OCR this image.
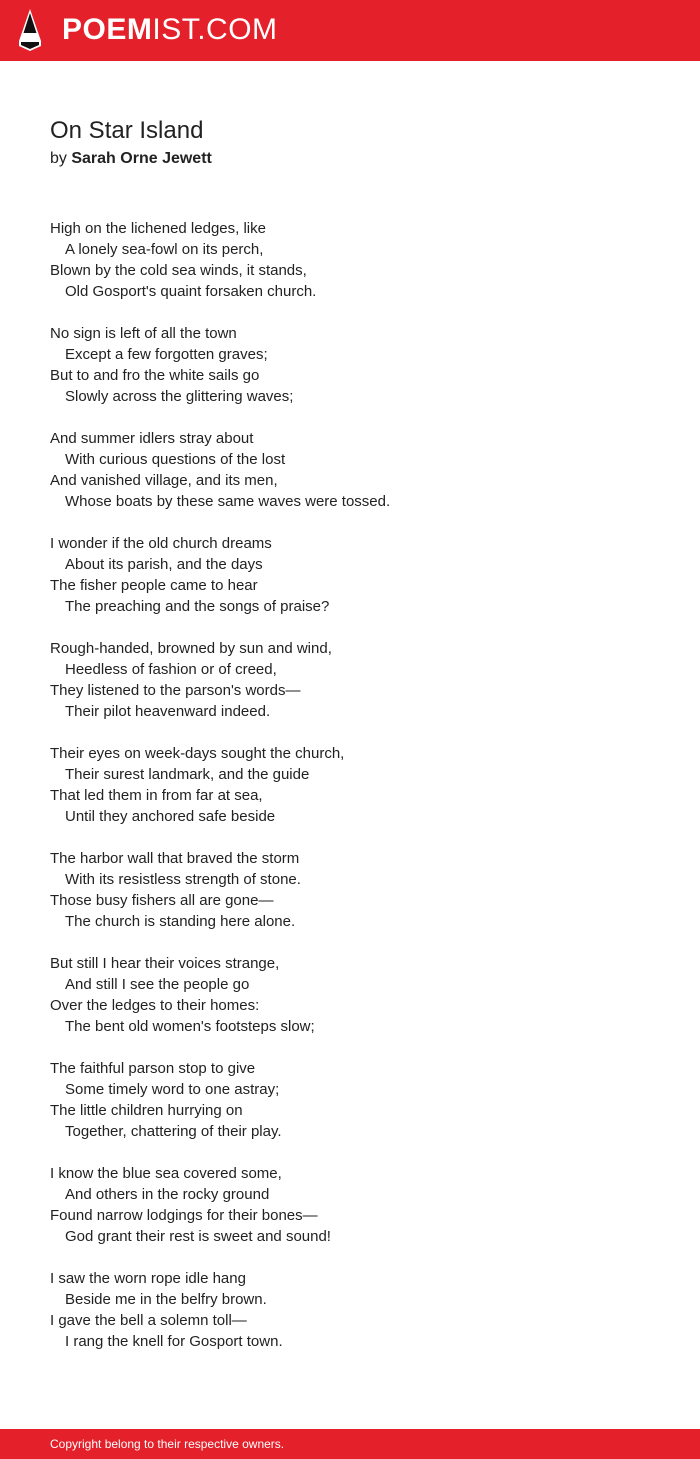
POEMIST.COM
On Star Island
by Sarah Orne Jewett
High on the lichened ledges, like
A lonely sea-fowl on its perch,
Blown by the cold sea winds, it stands,
Old Gosport's quaint forsaken church.
No sign is left of all the town
Except a few forgotten graves;
But to and fro the white sails go
Slowly across the glittering waves;
And summer idlers stray about
With curious questions of the lost
And vanished village, and its men,
Whose boats by these same waves were tossed.
I wonder if the old church dreams
About its parish, and the days
The fisher people came to hear
The preaching and the songs of praise?
Rough-handed, browned by sun and wind,
Heedless of fashion or of creed,
They listened to the parson's words—
Their pilot heavenward indeed.
Their eyes on week-days sought the church,
Their surest landmark, and the guide
That led them in from far at sea,
Until they anchored safe beside
The harbor wall that braved the storm
With its resistless strength of stone.
Those busy fishers all are gone—
The church is standing here alone.
But still I hear their voices strange,
And still I see the people go
Over the ledges to their homes:
The bent old women's footsteps slow;
The faithful parson stop to give
Some timely word to one astray;
The little children hurrying on
Together, chattering of their play.
I know the blue sea covered some,
And others in the rocky ground
Found narrow lodgings for their bones—
God grant their rest is sweet and sound!
I saw the worn rope idle hang
Beside me in the belfry brown.
I gave the bell a solemn toll—
I rang the knell for Gosport town.
Copyright belong to their respective owners.
